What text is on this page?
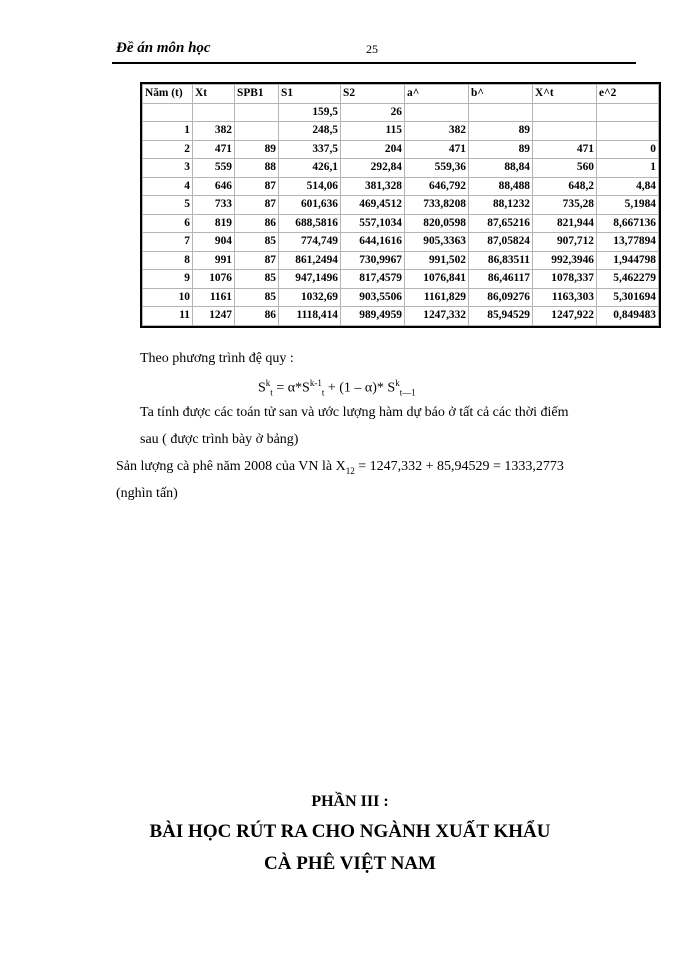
Đề án môn học	25
Năm (t)	Xt	SPB1	S1	S2	a^	b^	X^t	e^2
			159,5	26				
1	382		248,5	115	382	89		
2	471	89	337,5	204	471	89	471	0
3	559	88	426,1	292,84	559,36	88,84	560	1
4	646	87	514,06	381,328	646,792	88,488	648,2	4,84
5	733	87	601,636	469,4512	733,8208	88,1232	735,28	5,1984
6	819	86	688,5816	557,1034	820,0598	87,65216	821,944	8,667136
7	904	85	774,749	644,1616	905,3363	87,05824	907,712	13,77894
8	991	87	861,2494	730,9967	991,502	86,83511	992,3946	1,944798
9	1076	85	947,1496	817,4579	1076,841	86,46117	1078,337	5,462279
10	1161	85	1032,69	903,5506	1161,829	86,09276	1163,303	5,301694
11	1247	86	1118,414	989,4959	1247,332	85,94529	1247,922	0,849483
Theo phương trình đệ quy :
$S^k_t = \alpha*S^{k-1}_t + (1 - \alpha)*$ $S^k_{t—1}$
Ta tính được các toán tử san và ước lượng hàm dự báo ở tất cả các thời điểm
sau ( được trình bày ở bảng)
Sản lượng cà phê năm 2008 của VN là $X_{12} = 1247,332 + 85,94529 = 1333,2773$
(nghìn tấn)
PHẦN III :
BÀI HỌC RÚT RA CHO NGÀNH XUẤT KHẨU
CÀ PHÊ VIỆT NAM
